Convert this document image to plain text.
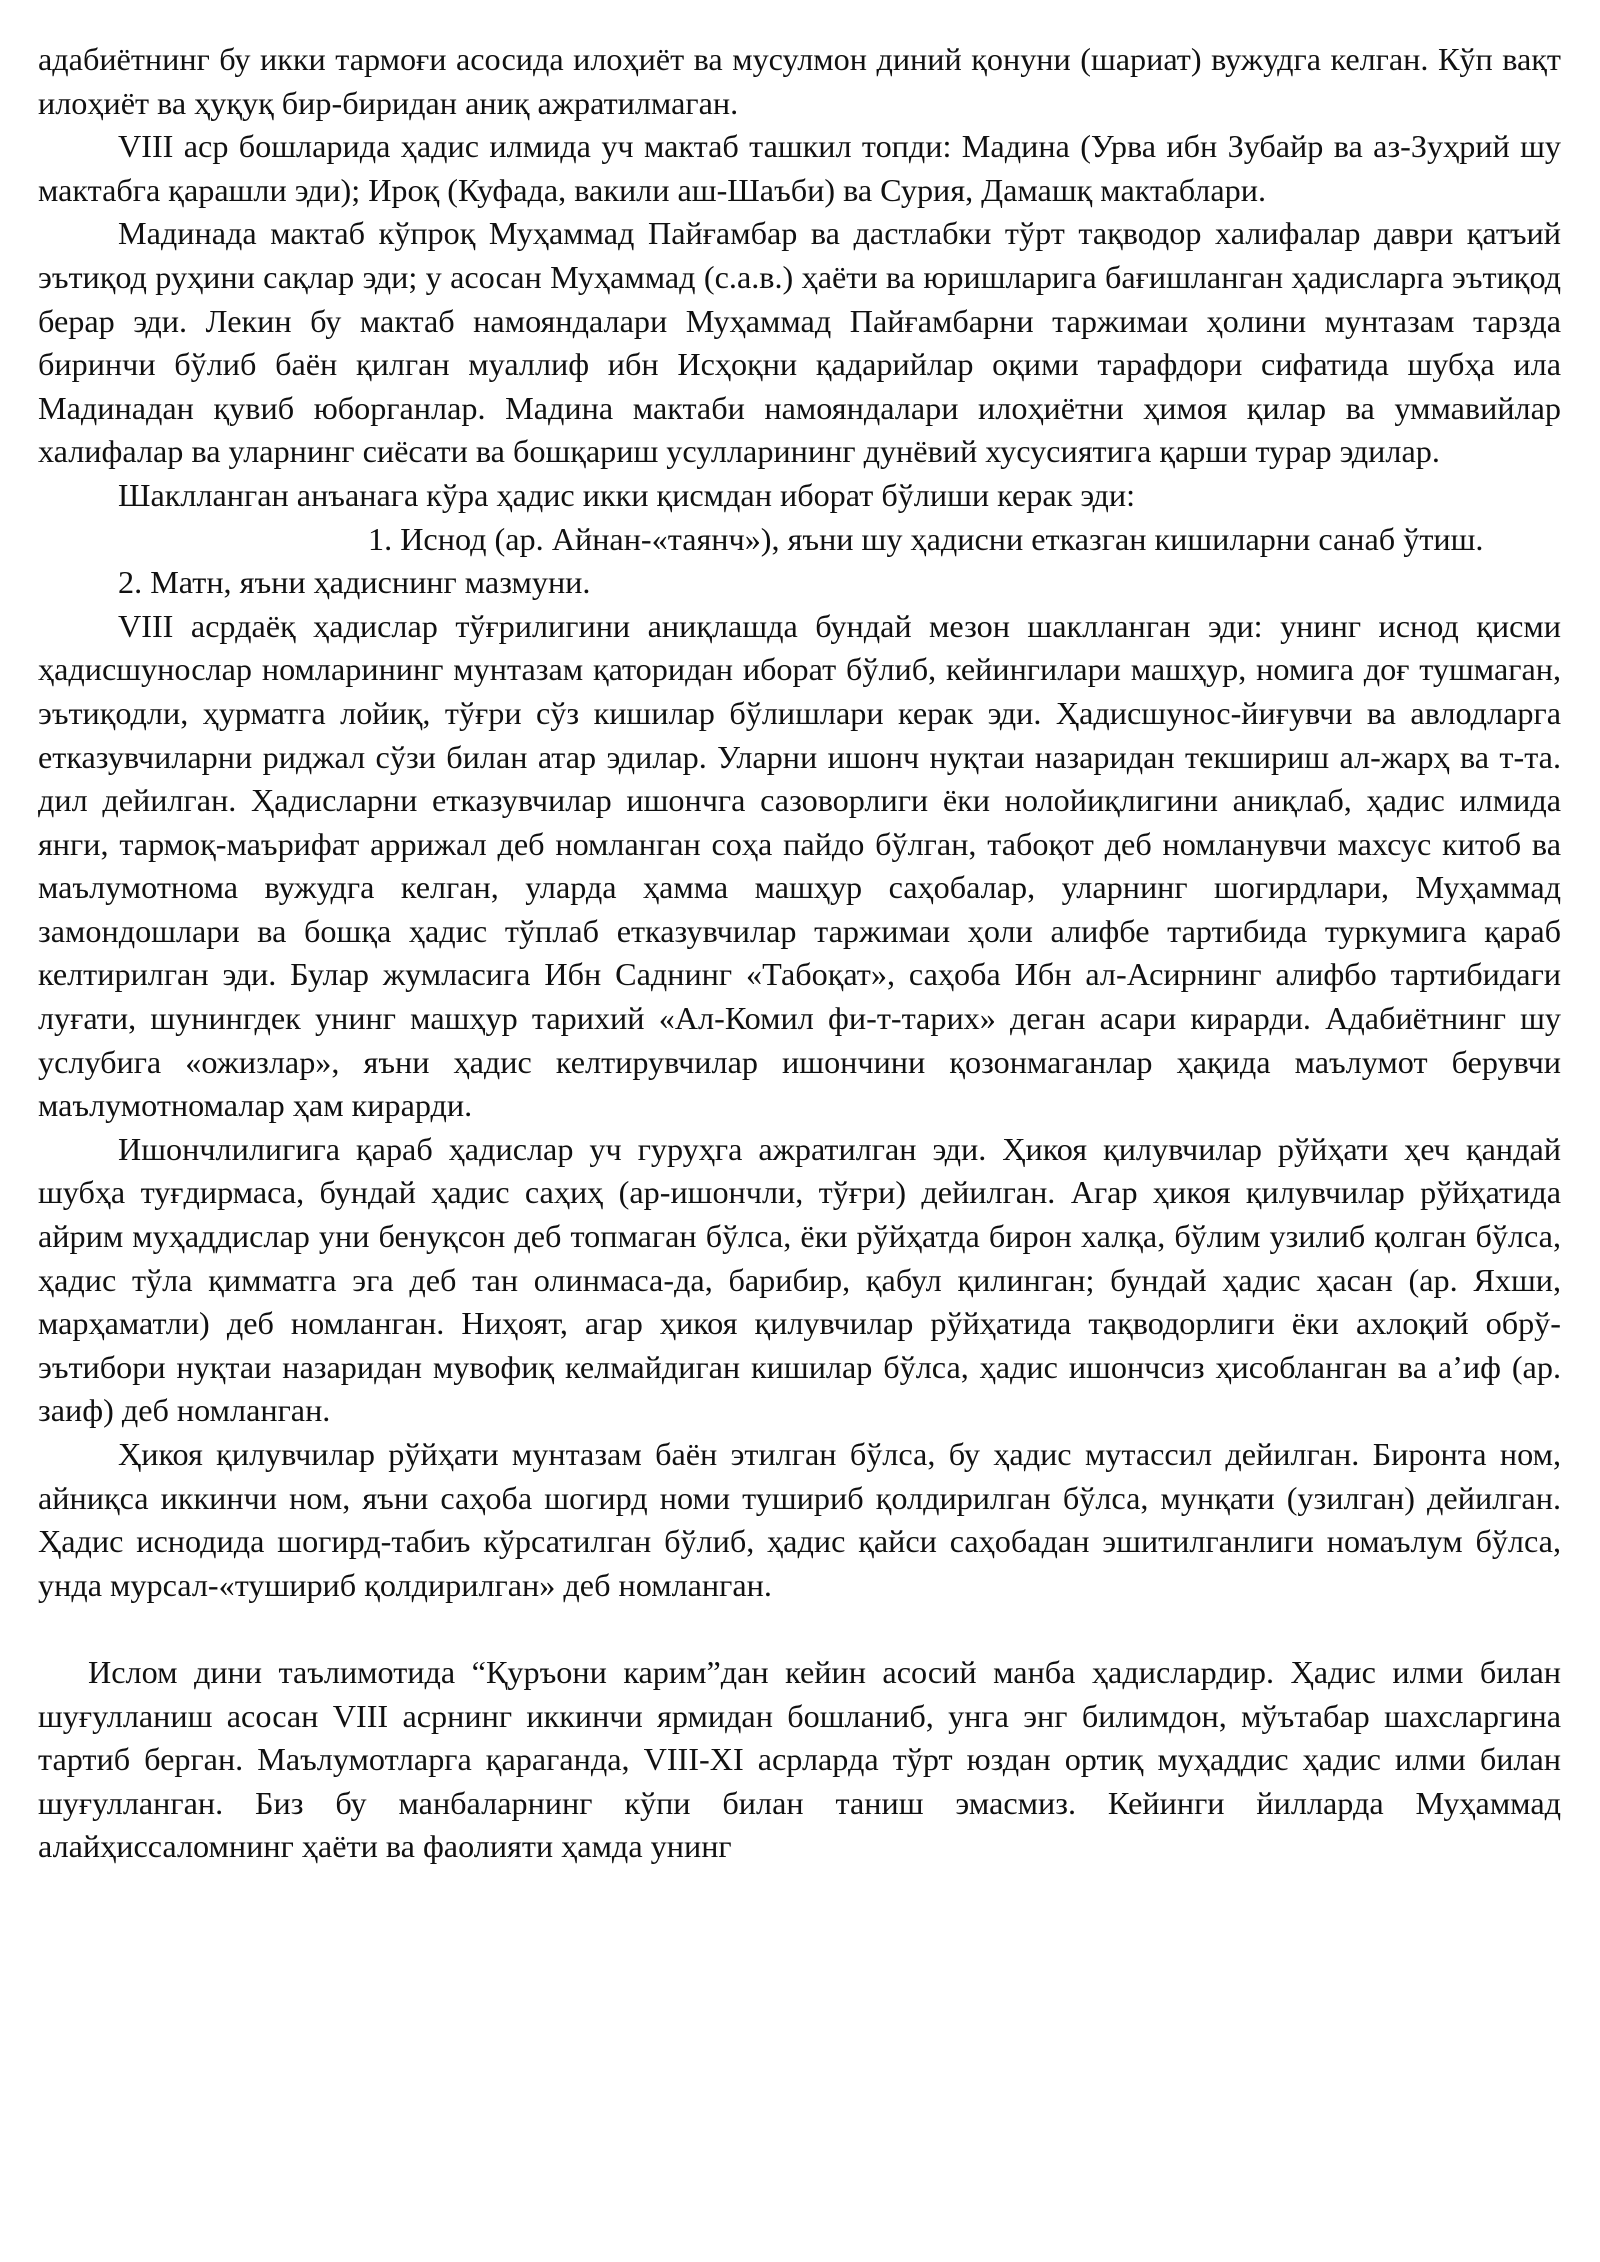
адабиётнинг бу икки тармоғи асосида илоҳиёт ва мусулмон диний қонуни (шариат) вужудга келган. Кўп вақт илоҳиёт ва ҳуқуқ бир-биридан аниқ ажратилмаган.

VIII аср бошларида ҳадис илмида уч мактаб ташкил топди: Мадина (Урва ибн Зубайр ва аз-Зуҳрий шу мактабга қарашли эди); Ироқ (Куфада, вакили аш-Шаъби) ва Сурия, Дамашқ мактаблари.

Мадинада мактаб кўпроқ Муҳаммад Пайғамбар ва дастлабки тўрт тақводор халифалар даври қатъий эътиқод руҳини сақлар эди; у асосан Муҳаммад (с.а.в.) ҳаёти ва юришларига бағишланган ҳадисларга эътиқод берар эди. Лекин бу мактаб намояндалари Муҳаммад Пайғамбарни таржимаи ҳолини мунтазам тарзда биринчи бўлиб баён қилган муаллиф ибн Исҳоқни қадарийлар оқими тарафдори сифатида шубҳа ила Мадинадан қувиб юборганлар. Мадина мактаби намояндалари илоҳиётни ҳимоя қилар ва уммавийлар халифалар ва уларнинг сиёсати ва бошқариш усулларининг дунёвий хусусиятига қарши турар эдилар.

Шаклланган анъанага кўра ҳадис икки қисмдан иборат бўлиши керак эди:

1. Иснод (ар. Айнан-«таянч»), яъни шу ҳадисни етказган кишиларни санаб ўтиш.

2. Матн, яъни ҳадиснинг мазмуни.

VIII асрдаёқ ҳадислар тўғрилигини аниқлашда бундай мезон шаклланган эди: унинг иснод қисми ҳадисшунослар номларининг мунтазам қаторидан иборат бўлиб, кейингилари машҳур, номига доғ тушмаган, эътиқодли, ҳурматга лойиқ, тўғри сўз кишилар бўлишлари керак эди. Ҳадисшунос-йиғувчи ва авлодларга етказувчиларни риджал сўзи билан атар эдилар. Уларни ишонч нуқтаи назаридан текшириш ал-жарҳ ва т-та. дил дейилган. Ҳадисларни етказувчилар ишончга сазоворлиги ёки нолойиқлигини аниқлаб, ҳадис илмида янги, тармоқ-маърифат аррижал деб номланган соҳа пайдо бўлган, табоқот деб номланувчи махсус китоб ва маълумотнома вужудга келган, уларда ҳамма машҳур саҳобалар, уларнинг шогирдлари, Муҳаммад замондошлари ва бошқа ҳадис тўплаб етказувчилар таржимаи ҳоли алифбе тартибида туркумига қараб келтирилган эди. Булар жумласига Ибн Саднинг «Табоқат», саҳоба Ибн ал-Асирнинг алифбо тартибидаги луғати, шунингдек унинг машҳур тарихий «Ал-Комил фи-т-тарих» деган асари кирарди. Адабиётнинг шу услубига «ожизлар», яъни ҳадис келтирувчилар ишончини қозонмаганлар ҳақида маълумот берувчи маълумотномалар ҳам кирарди.

Ишончлилигига қараб ҳадислар уч гуруҳга ажратилган эди. Ҳикоя қилувчилар рўйҳати ҳеч қандай шубҳа туғдирмаса, бундай ҳадис саҳиҳ (ар-ишончли, тўғри) дейилган. Агар ҳикоя қилувчилар рўйҳатида айрим муҳаддислар уни бенуқсон деб топмаган бўлса, ёки рўйҳатда бирон халқа, бўлим узилиб қолган бўлса, ҳадис тўла қимматга эга деб тан олинмаса-да, барибир, қабул қилинган; бундай ҳадис ҳасан (ар. Яхши, марҳаматли) деб номланган. Ниҳоят, агар ҳикоя қилувчилар рўйҳатида тақводорлиги ёки ахлоқий обрў-эътибори нуқтаи назаридан мувофиқ келмайдиган кишилар бўлса, ҳадис ишончсиз ҳисобланган ва а’иф (ар. заиф) деб номланган.

Ҳикоя қилувчилар рўйҳати мунтазам баён этилган бўлса, бу ҳадис мутассил дейилган. Биронта ном, айниқса иккинчи ном, яъни саҳоба шогирд номи тушириб қолдирилган бўлса, мунқати (узилган) дейилган. Ҳадис иснодида шогирд-табиъ кўрсатилган бўлиб, ҳадис қайси саҳобадан эшитилганлиги номаълум бўлса, унда мурсал-«тушириб қолдирилган» деб номланган.

Ислом дини таълимотида “Қуръони карим”дан кейин асосий манба ҳадислардир. Ҳадис илми билан шуғулланиш асосан VIII асрнинг иккинчи ярмидан бошланиб, унга энг билимдон, мўътабар шахсларгина тартиб берган. Маълумотларга қараганда, VIII-XI асрларда тўрт юздан ортиқ муҳаддис ҳадис илми билан шуғулланган. Биз бу манбаларнинг кўпи билан таниш эмасмиз. Кейинги йилларда Муҳаммад алайҳиссаломнинг ҳаёти ва фаолияти ҳамда унинг
